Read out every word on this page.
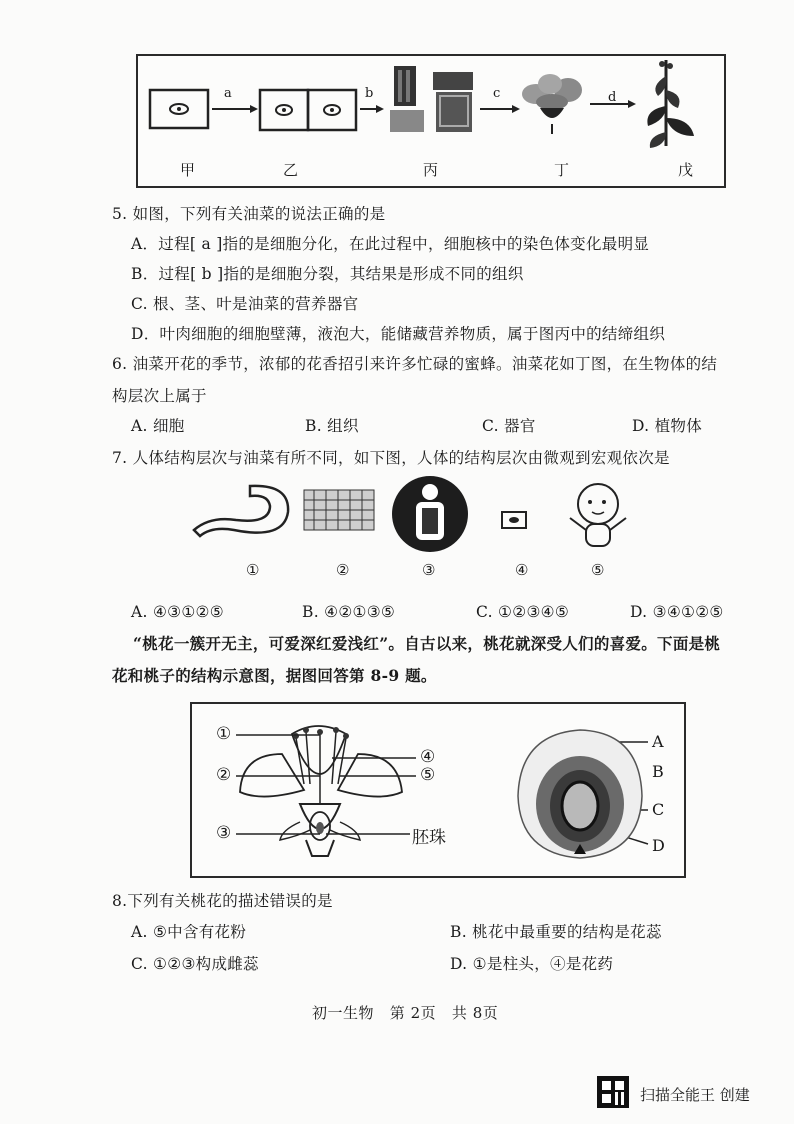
a	b	c	d
甲	乙	丙	丁	戊
5. 如图，下列有关油菜的说法正确的是
A．过程[ a ]指的是细胞分化，在此过程中，细胞核中的染色体变化最明显
B．过程[ b ]指的是细胞分裂，其结果是形成不同的组织
C. 根、茎、叶是油菜的营养器官
D．叶肉细胞的细胞壁薄，液泡大，能储藏营养物质，属于图丙中的结缔组织
6. 油菜开花的季节，浓郁的花香招引来许多忙碌的蜜蜂。油菜花如丁图，在生物体的结
构层次上属于
A. 细胞	B. 组织	C. 器官	D. 植物体
7. 人体结构层次与油菜有所不同，如下图，人体的结构层次由微观到宏观依次是
①	②	③	④	⑤
A. ④③①②⑤	B. ④②①③⑤	C. ①②③④⑤	D. ③④①②⑤
“桃花一簇开无主，可爱深红爱浅红”。自古以来，桃花就深受人们的喜爱。下面是桃
花和桃子的结构示意图，据图回答第 8-9 题。
①
②
③
④
⑤
胚珠
A
B
C
D
8.下列有关桃花的描述错误的是
A. ⑤中含有花粉	B. 桃花中最重要的结构是花蕊
C. ①②③构成雌蕊	D. ①是柱头，④是花药
初一生物   第 2页   共 8页
扫描全能王 创建
